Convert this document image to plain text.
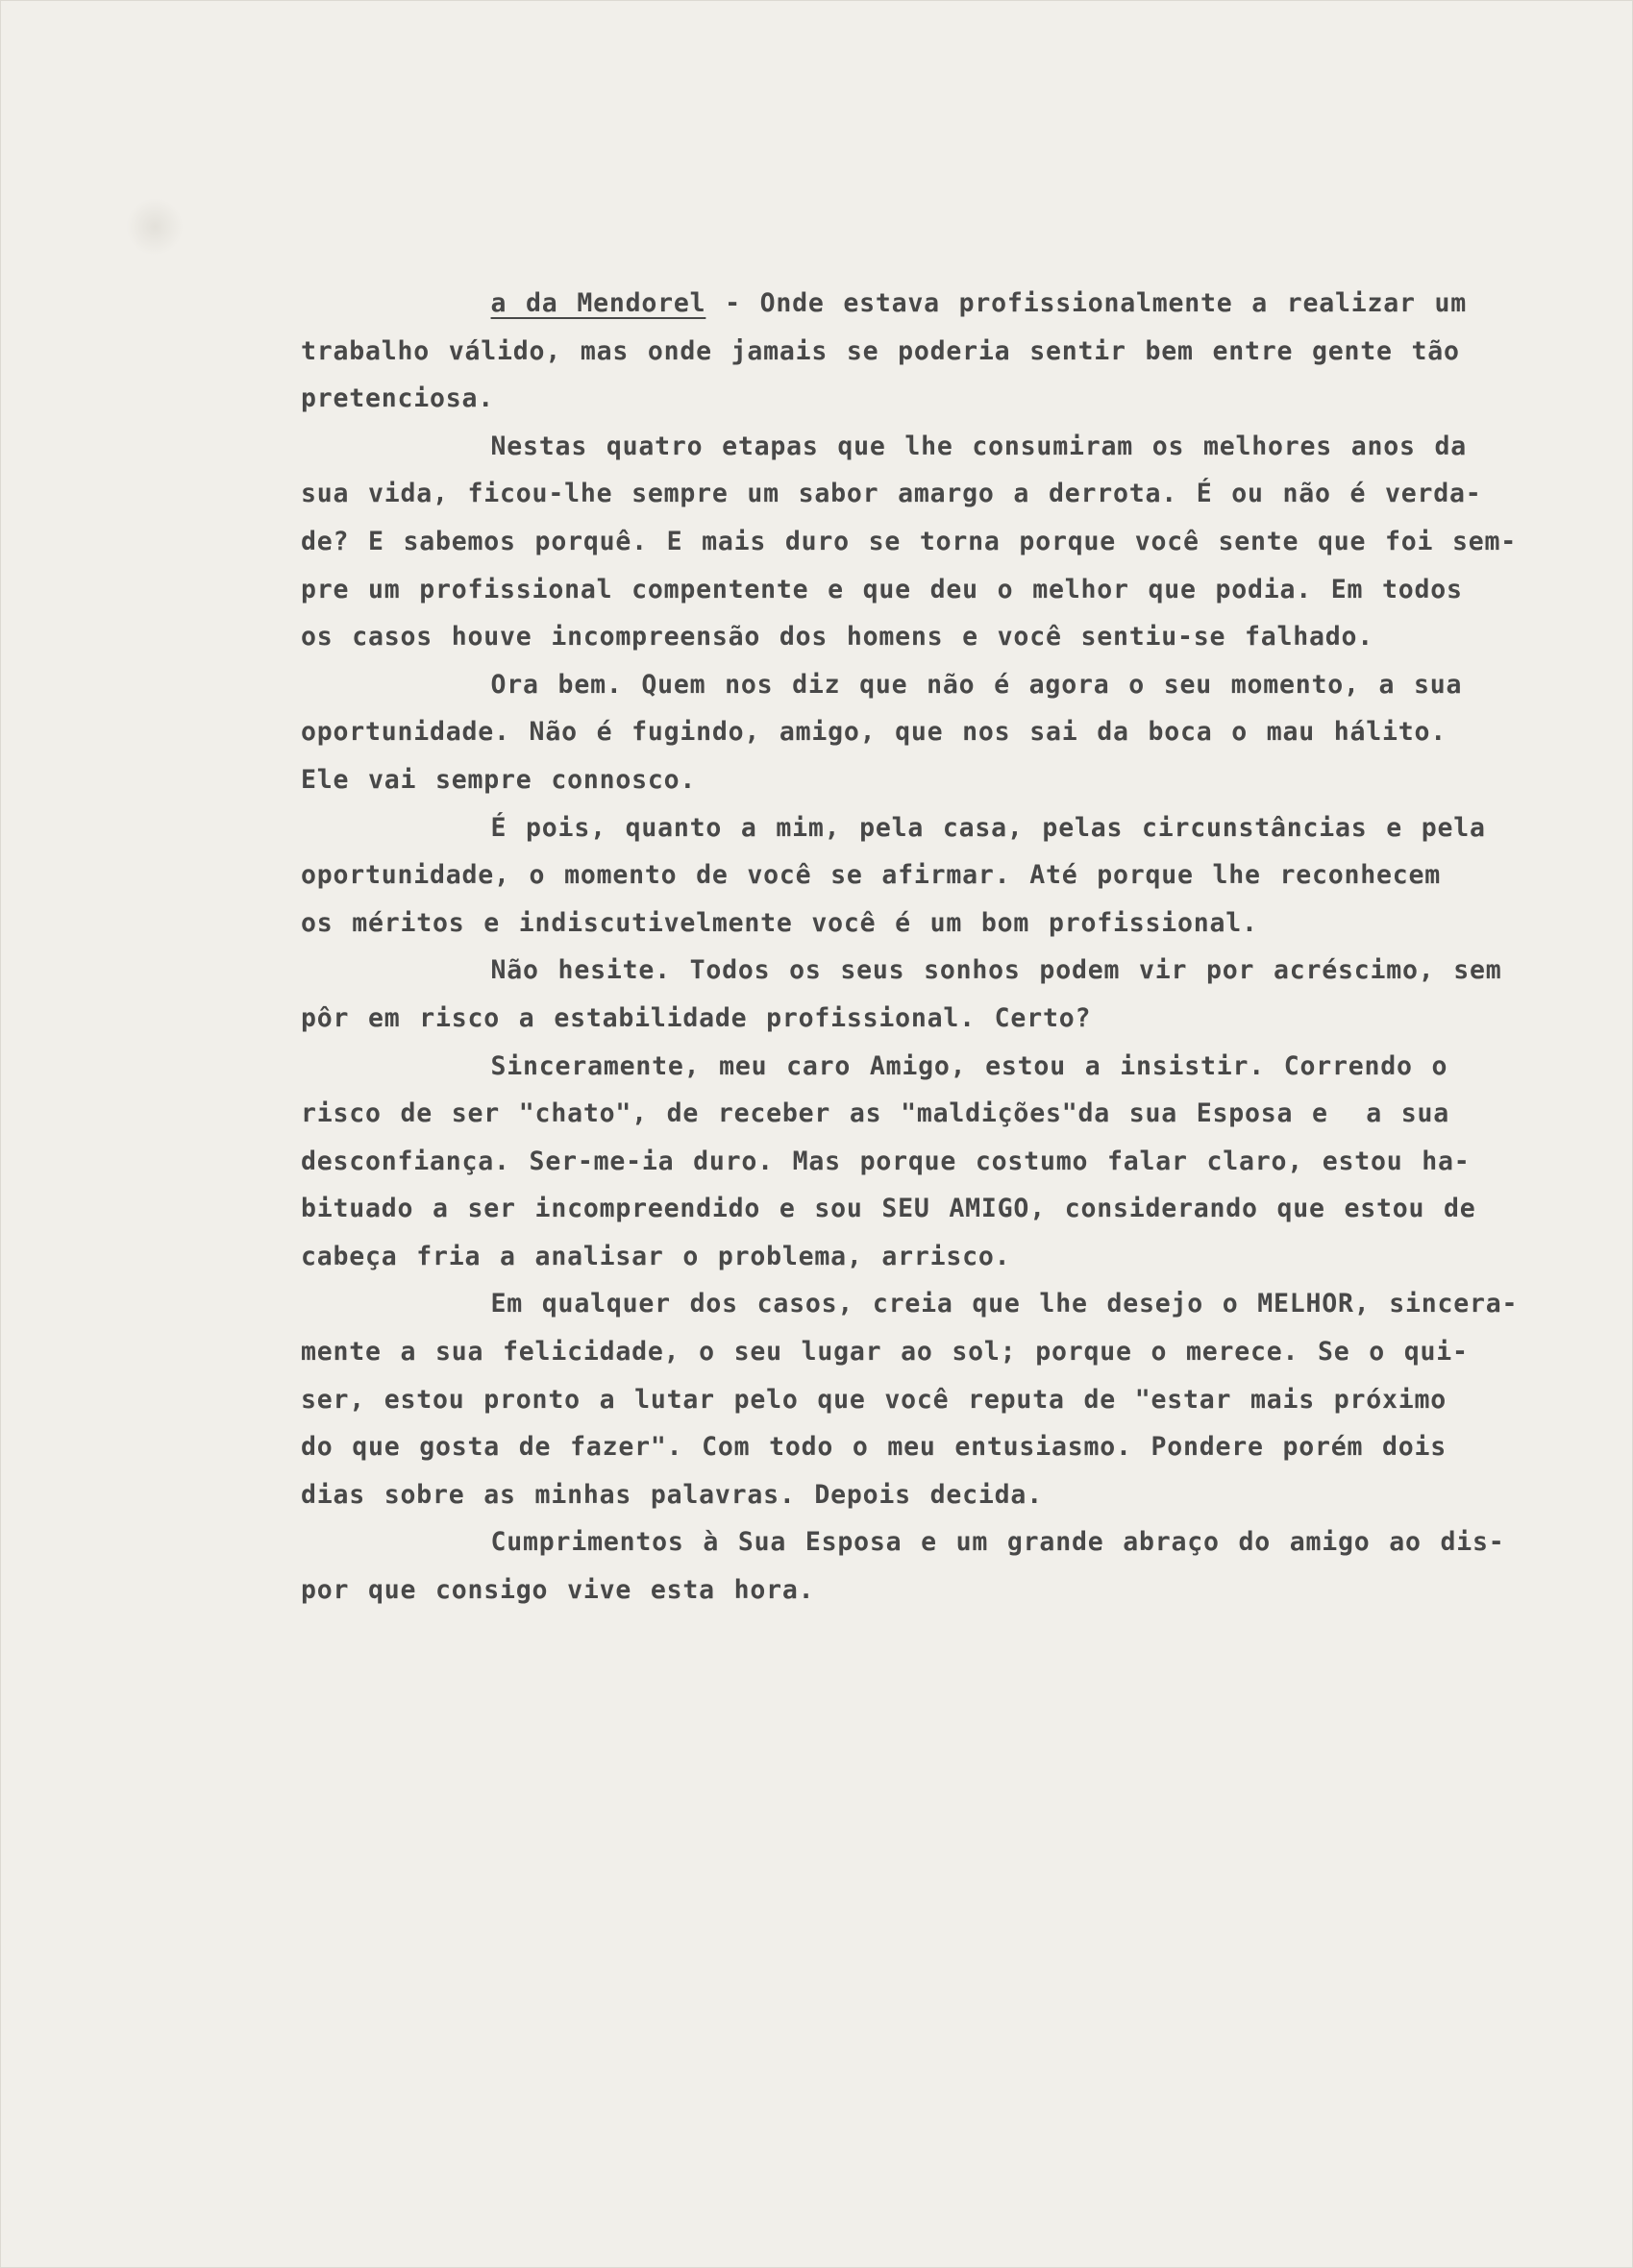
a da Mendorel - Onde estava profissionalmente a realizar um
trabalho válido, mas onde jamais se poderia sentir bem entre gente tão
pretenciosa.
Nestas quatro etapas que lhe consumiram os melhores anos da
sua vida, ficou-lhe sempre um sabor amargo a derrota. É ou não é verda-
de? E sabemos porquê. E mais duro se torna porque você sente que foi sem-
pre um profissional compentente e que deu o melhor que podia. Em todos
os casos houve incompreensão dos homens e você sentiu-se falhado.
Ora bem. Quem nos diz que não é agora o seu momento, a sua
oportunidade. Não é fugindo, amigo, que nos sai da boca o mau hálito.
Ele vai sempre connosco.
É pois, quanto a mim, pela casa, pelas circunstâncias e pela
oportunidade, o momento de você se afirmar. Até porque lhe reconhecem
os méritos e indiscutivelmente você é um bom profissional.
Não hesite. Todos os seus sonhos podem vir por acréscimo, sem
pôr em risco a estabilidade profissional. Certo?
Sinceramente, meu caro Amigo, estou a insistir. Correndo o
risco de ser "chato", de receber as "maldições"da sua Esposa e  a sua
desconfiança. Ser-me-ia duro. Mas porque costumo falar claro, estou ha-
bituado a ser incompreendido e sou SEU AMIGO, considerando que estou de
cabeça fria a analisar o problema, arrisco.
Em qualquer dos casos, creia que lhe desejo o MELHOR, sincera-
mente a sua felicidade, o seu lugar ao sol; porque o merece. Se o qui-
ser, estou pronto a lutar pelo que você reputa de "estar mais próximo
do que gosta de fazer". Com todo o meu entusiasmo. Pondere porém dois
dias sobre as minhas palavras. Depois decida.
Cumprimentos à Sua Esposa e um grande abraço do amigo ao dis-
por que consigo vive esta hora.
